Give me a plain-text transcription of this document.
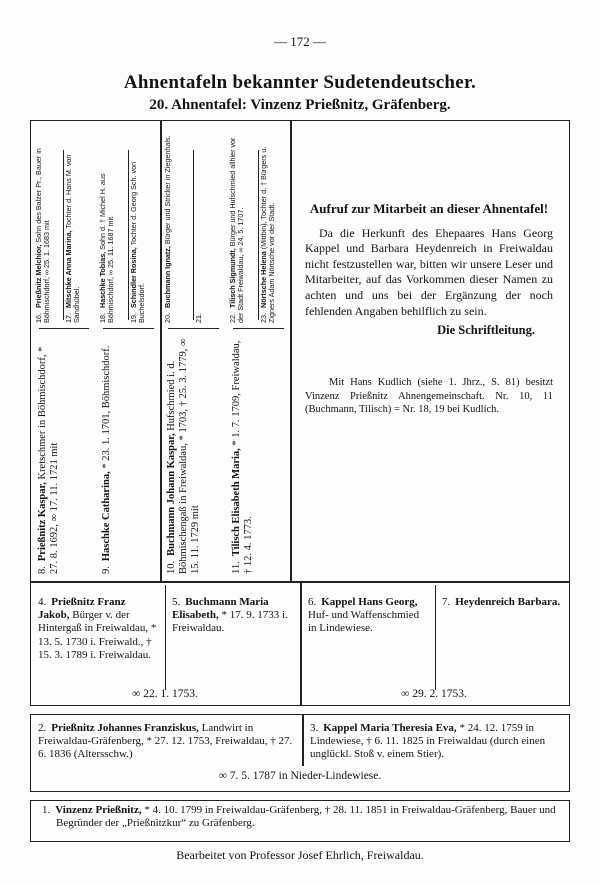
— 172 —
Ahnentafeln bekannter Sudetendeutscher.
20. Ahnentafel: Vinzenz Prießnitz, Gräfenberg.
16.Prießnitz Melchior, Sohn des Balzer Pr., Bauer in Böhmischdorf, ∞ 25. 1. 1683 mit	17.Mitschke Anna Marina, Tochter d. Hans M. von Sandhübel.
8.Prießnitz Kaspar, Kretschmer in Böhmischdorf, * 27. 8. 1692, ∞ 17. 11. 1721 mit
18.Haschke Tobias, Sohn d. † Michel H. aus Böhmischdorf, ∞ 25. 11. 1687 mit	19.Schindler Rosina, Tochter d. Georg Sch. von Buchelsdorf.
9.Haschke Catharina, * 23. 1. 1701, Böhmischdorf.
20.Buchmann Ignatz, Bürger und Stricker in Ziegenhals.
21.
10.Buchmann Johann Kaspar, Hufschmied i. d. Böhmischengaß in Freiwaldau, * 1703, † 25. 3. 1779, ∞ 15. 11. 1729 mit
22.Tilisch Sigmundt, Bürger und Hufschmied allhier vor der Stadt Freiwaldau, ∞ 24. 5. 1707.	23.Nörtsche Helena (Mittbin), Tochter d. † Bürgers u. Zigners Adam Nörtsche vor der Stadt.
11.Tilisch Elisabeth Maria, * 1. 7. 1709, Freiwaldau, † 12. 4. 1773.
Aufruf zur Mitarbeit an dieser Ahnentafel!
Da die Herkunft des Ehepaares Hans Georg Kappel und Barbara Heydenreich in Freiwaldau nicht festzustellen war, bitten wir unsere Leser und Mitarbeiter, auf das Vorkommen dieser Namen zu achten und uns bei der Ergänzung der noch fehlenden Angaben behilflich zu sein.
Die Schriftleitung.
Mit Hans Kudlich (siehe 1. Jhrz., S. 81) besitzt Vinzenz Prießnitz Ahnengemeinschaft. Nr. 10, 11 (Buchmann, Tilisch) = Nr. 18, 19 bei Kudlich.
4. Prießnitz Franz Jakob, Bürger v. der Hintergaß in Freiwaldau, * 13. 5. 1730 i. Freiwald., † 15. 3. 1789 i. Freiwaldau.
5. Buchmann Maria Elisabeth, * 17. 9. 1733 i. Freiwaldau.
6. Kappel Hans Georg, Huf- und Waffenschmied in Lindewiese.
7. Heydenreich Barbara.
∞ 22. 1. 1753.	∞ 29. 2. 1753.
2. Prießnitz Johannes Franziskus, Landwirt in Freiwaldau-Gräfenberg, * 27. 12. 1753, Freiwaldau, † 27. 6. 1836 (Altersschw.)
3. Kappel Maria Theresia Eva, * 24. 12. 1759 in Lindewiese, † 6. 11. 1825 in Freiwaldau (durch einen unglückl. Stoß v. einem Stier).
∞ 7. 5. 1787 in Nieder-Lindewiese.
1. Vinzenz Prießnitz, * 4. 10. 1799 in Freiwaldau-Gräfenberg, † 28. 11. 1851 in Freiwaldau-Gräfenberg, Bauer und Begründer der „Prießnitzkur“ zu Gräfenberg.
Bearbeitet von Professor Josef Ehrlich, Freiwaldau.
